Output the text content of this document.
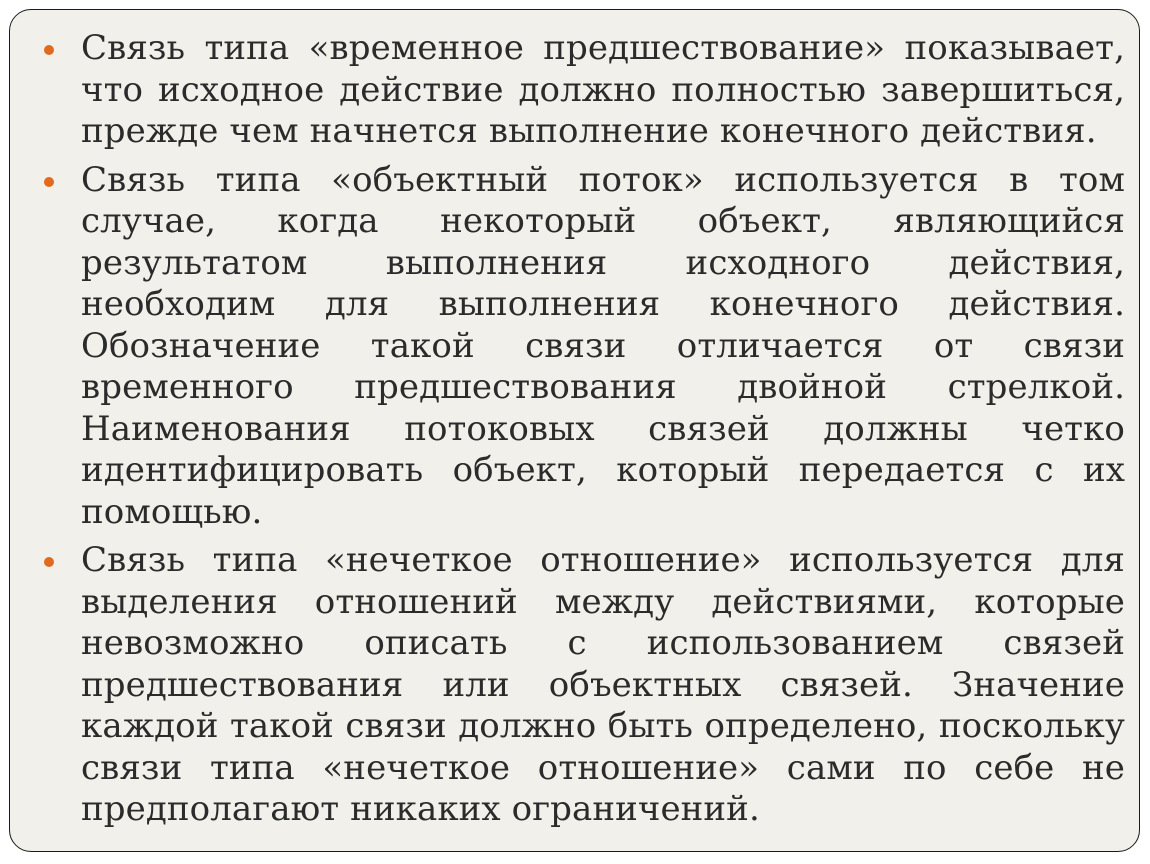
Связь типа «временное предшествование» показывает, что исходное действие должно полностью завершиться, прежде чем начнется выполнение конечного действия.
Связь типа «объектный поток» используется в том случае, когда некоторый объект, являющийся результатом выполнения исходного действия, необходим для выполнения конечного действия. Обозначение такой связи отличается от связи временного предшествования двойной стрелкой. Наименования потоковых связей должны четко идентифицировать объект, который передается с их помощью.
Связь типа «нечеткое отношение» используется для выделения отношений между действиями, которые невозможно описать с использованием связей предшествования или объектных связей. Значение каждой такой связи должно быть определено, поскольку связи типа «нечеткое отношение» сами по себе не предполагают никаких ограничений.
